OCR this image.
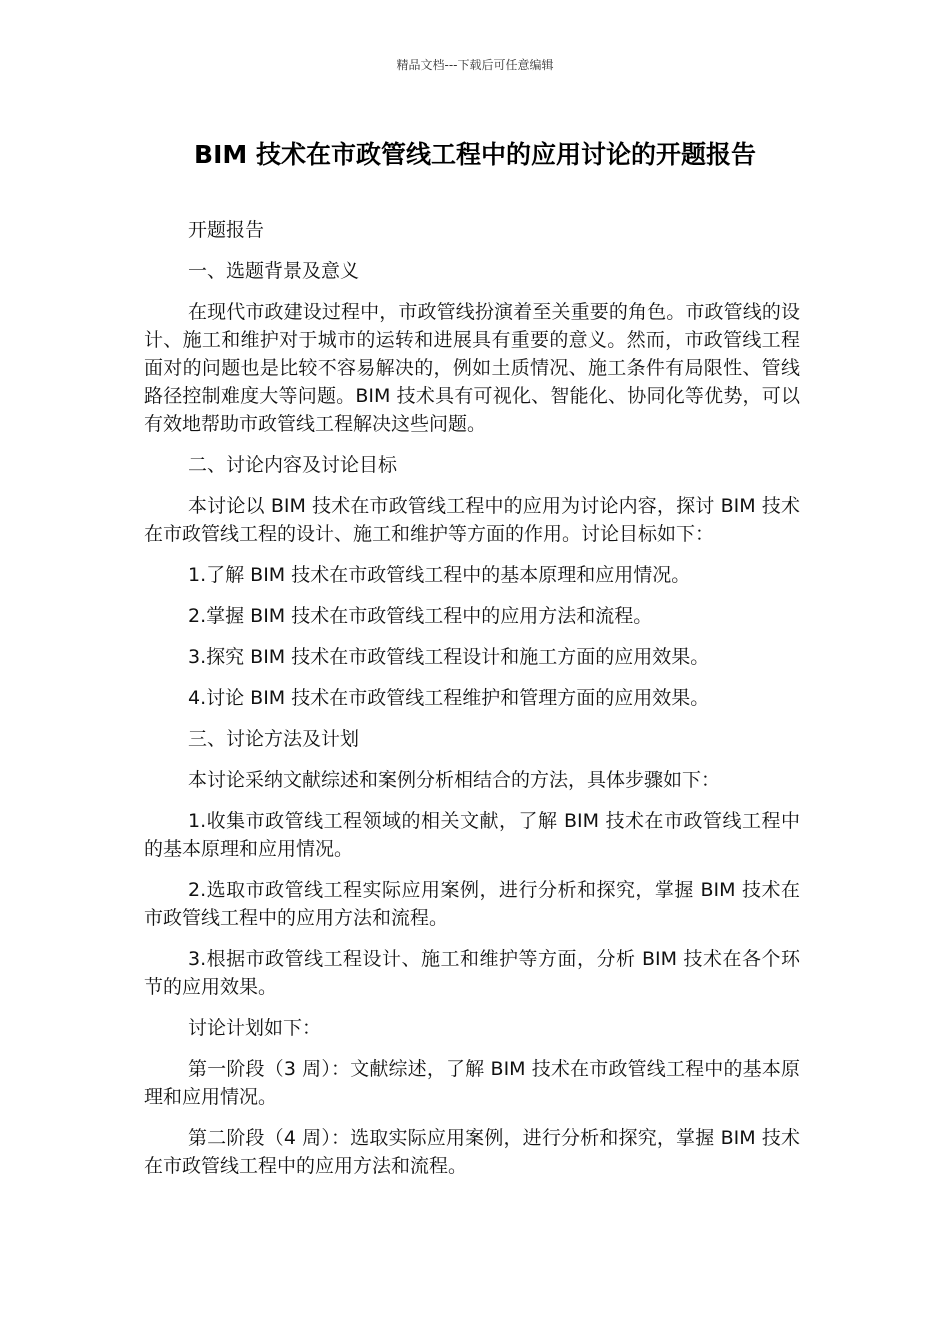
精品文档---下载后可任意编辑
BIM 技术在市政管线工程中的应用讨论的开题报告

开题报告

一、选题背景及意义

在现代市政建设过程中，市政管线扮演着至关重要的角色。市政管线的设计、施工和维护对于城市的运转和进展具有重要的意义。然而，市政管线工程面对的问题也是比较不容易解决的，例如土质情况、施工条件有局限性、管线路径控制难度大等问题。BIM 技术具有可视化、智能化、协同化等优势，可以有效地帮助市政管线工程解决这些问题。

二、讨论内容及讨论目标

本讨论以 BIM 技术在市政管线工程中的应用为讨论内容，探讨 BIM 技术在市政管线工程的设计、施工和维护等方面的作用。讨论目标如下：

1.了解 BIM 技术在市政管线工程中的基本原理和应用情况。

2.掌握 BIM 技术在市政管线工程中的应用方法和流程。

3.探究 BIM 技术在市政管线工程设计和施工方面的应用效果。

4.讨论 BIM 技术在市政管线工程维护和管理方面的应用效果。

三、讨论方法及计划

本讨论采纳文献综述和案例分析相结合的方法，具体步骤如下：

1.收集市政管线工程领域的相关文献，了解 BIM 技术在市政管线工程中的基本原理和应用情况。

2.选取市政管线工程实际应用案例，进行分析和探究，掌握 BIM 技术在市政管线工程中的应用方法和流程。

3.根据市政管线工程设计、施工和维护等方面，分析 BIM 技术在各个环节的应用效果。

讨论计划如下：

第一阶段（3 周）：文献综述，了解 BIM 技术在市政管线工程中的基本原理和应用情况。

第二阶段（4 周）：选取实际应用案例，进行分析和探究，掌握 BIM 技术在市政管线工程中的应用方法和流程。
